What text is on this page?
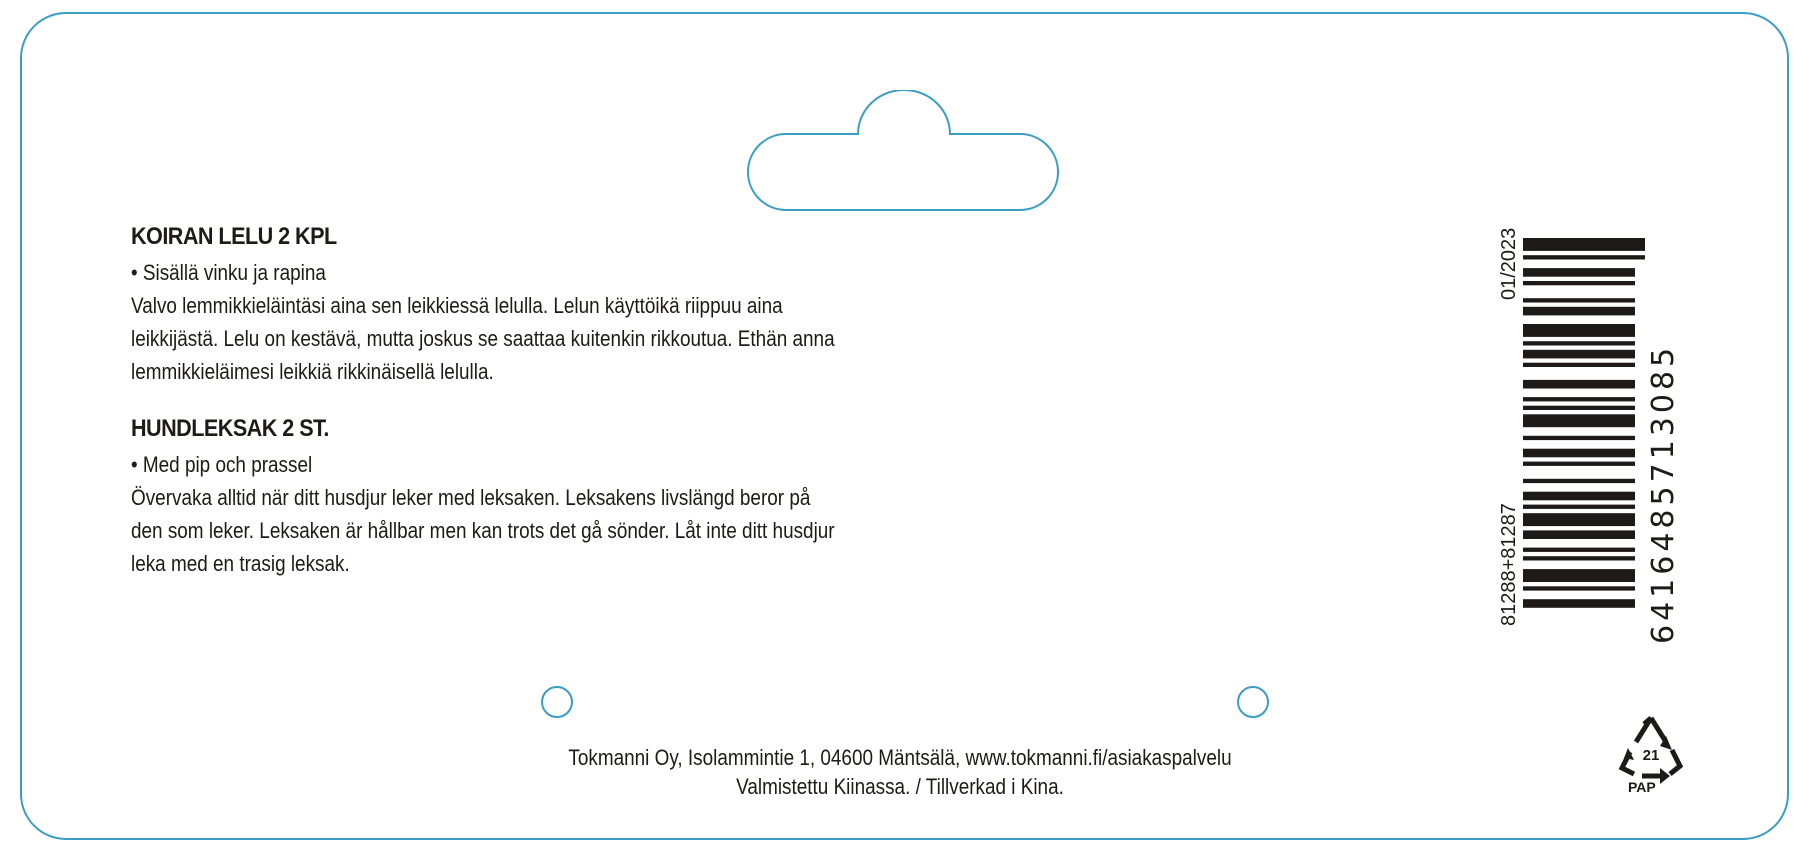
KOIRAN LELU 2 KPL
• Sisällä vinku ja rapina
Valvo lemmikkieläintäsi aina sen leikkiessä lelulla. Lelun käyttöikä riippuu aina
leikkijästä. Lelu on kestävä, mutta joskus se saattaa kuitenkin rikkoutua. Ethän anna
lemmikkieläimesi leikkiä rikkinäisellä lelulla.
HUNDLEKSAK 2 ST.
• Med pip och prassel
Övervaka alltid när ditt husdjur leker med leksaken. Leksakens livslängd beror på
den som leker. Leksaken är hållbar men kan trots det gå sönder. Låt inte ditt husdjur
leka med en trasig leksak.
Tokmanni Oy, Isolammintie 1, 04600 Mäntsälä, www.tokmanni.fi/asiakaspalvelu
Valmistettu Kiinassa. / Tillverkad i Kina.
01/2023
81288+81287	6416485713085
21
PAP
